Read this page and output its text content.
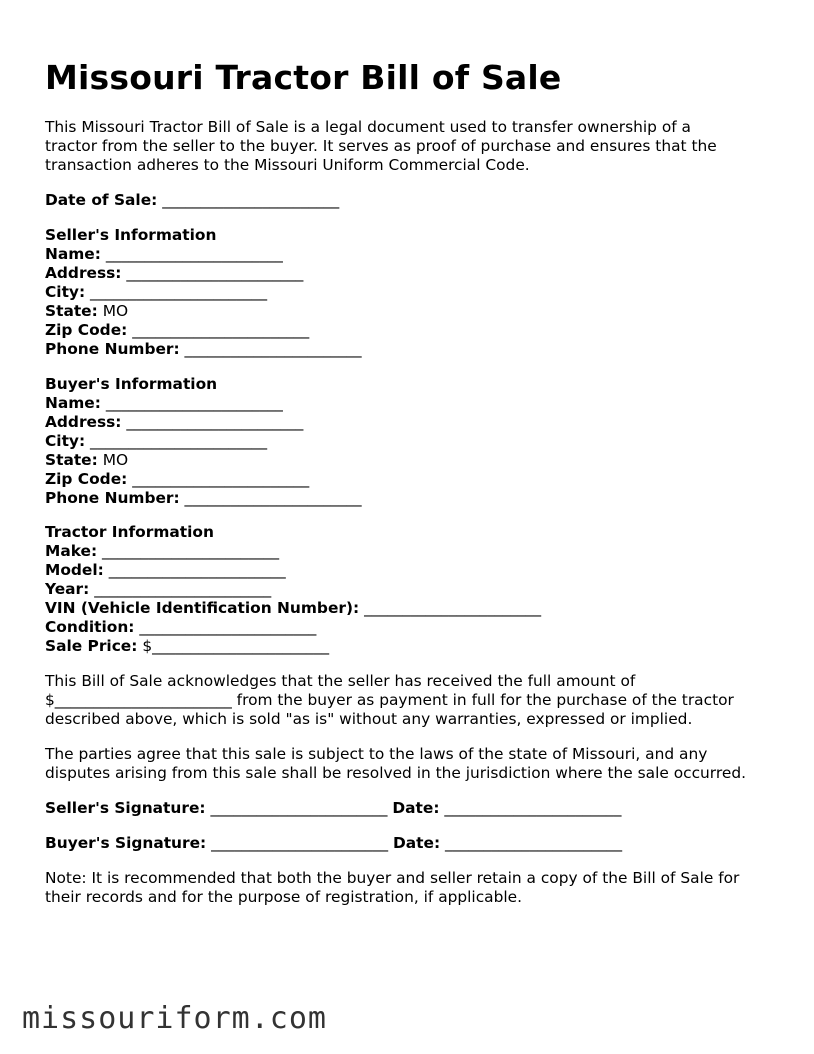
Missouri Tractor Bill of Sale

This Missouri Tractor Bill of Sale is a legal document used to transfer ownership of a tractor from the seller to the buyer. It serves as proof of purchase and ensures that the transaction adheres to the Missouri Uniform Commercial Code.

Date of Sale: _______________________
Seller's Information
Name: _______________________
Address: _______________________
City: _______________________
State: MO
Zip Code: _______________________
Phone Number: _______________________
Buyer's Information
Name: _______________________
Address: _______________________
City: _______________________
State: MO
Zip Code: _______________________
Phone Number: _______________________
Tractor Information
Make: _______________________
Model: _______________________
Year: _______________________
VIN (Vehicle Identification Number): _______________________
Condition: _______________________
Sale Price: $_______________________
This Bill of Sale acknowledges that the seller has received the full amount of
$_______________________ from the buyer as payment in full for the purchase of the tractor
described above, which is sold "as is" without any warranties, expressed or implied.
The parties agree that this sale is subject to the laws of the state of Missouri, and any
disputes arising from this sale shall be resolved in the jurisdiction where the sale occurred.
Seller's Signature: _______________________ Date: _______________________
Buyer's Signature: _______________________ Date: _______________________
Note: It is recommended that both the buyer and seller retain a copy of the Bill of Sale for
their records and for the purpose of registration, if applicable.
missouriform.com
